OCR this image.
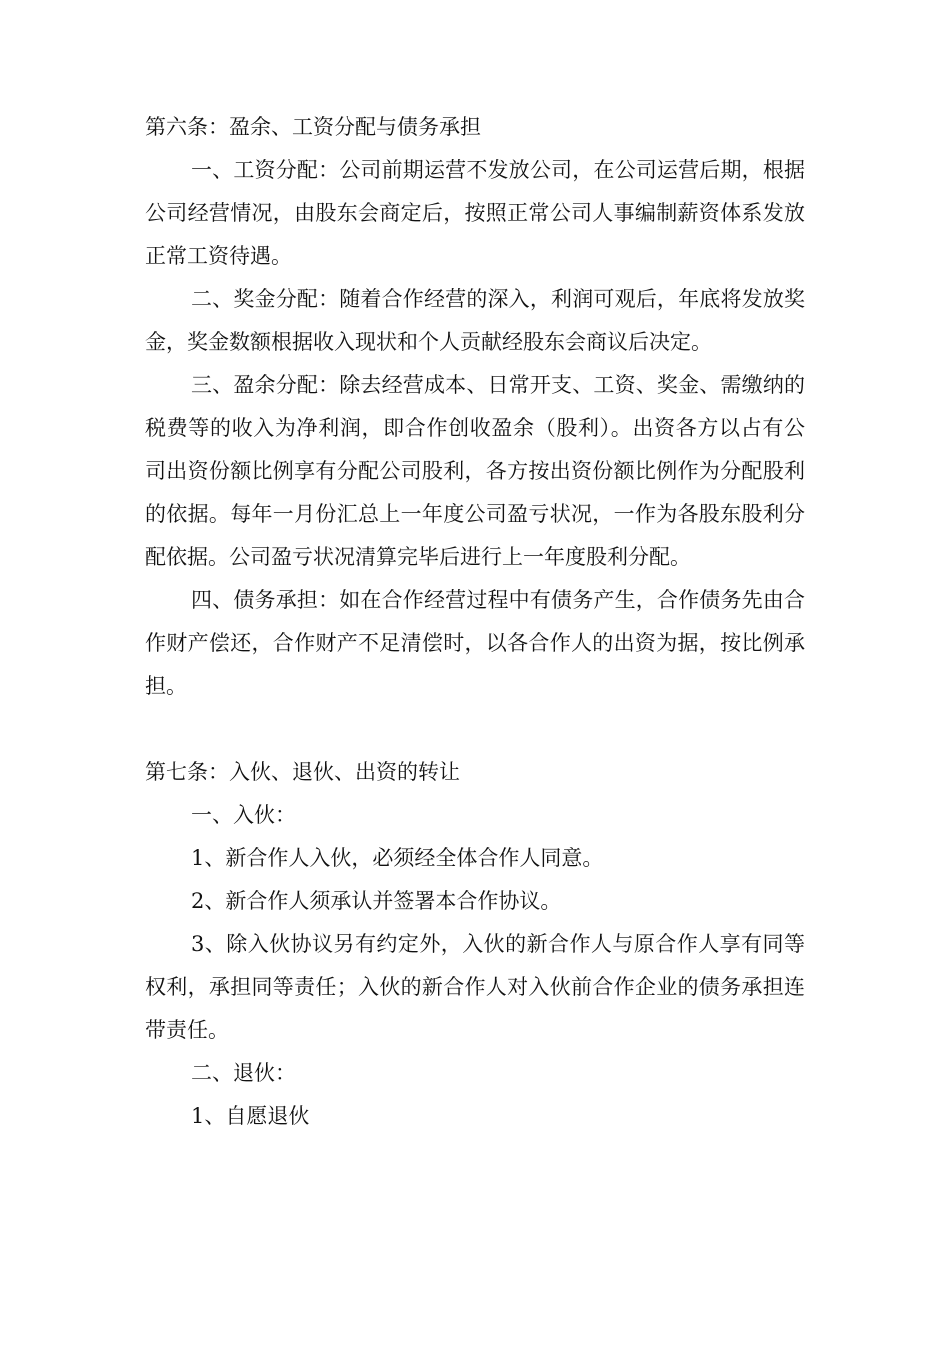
第六条：盈余、工资分配与债务承担

一、工资分配：公司前期运营不发放公司，在公司运营后期，根据公司经营情况，由股东会商定后，按照正常公司人事编制薪资体系发放正常工资待遇。

二、奖金分配：随着合作经营的深入，利润可观后，年底将发放奖金，奖金数额根据收入现状和个人贡献经股东会商议后决定。

三、盈余分配：除去经营成本、日常开支、工资、奖金、需缴纳的税费等的收入为净利润，即合作创收盈余（股利）。出资各方以占有公司出资份额比例享有分配公司股利，各方按出资份额比例作为分配股利的依据。每年一月份汇总上一年度公司盈亏状况，一作为各股东股利分配依据。公司盈亏状况清算完毕后进行上一年度股利分配。

四、债务承担：如在合作经营过程中有债务产生，合作债务先由合作财产偿还，合作财产不足清偿时，以各合作人的出资为据，按比例承担。

第七条：入伙、退伙、出资的转让

一、入伙：

1、新合作人入伙，必须经全体合作人同意。

2、新合作人须承认并签署本合作协议。

3、除入伙协议另有约定外，入伙的新合作人与原合作人享有同等权利，承担同等责任；入伙的新合作人对入伙前合作企业的债务承担连带责任。

二、退伙：

1、自愿退伙
